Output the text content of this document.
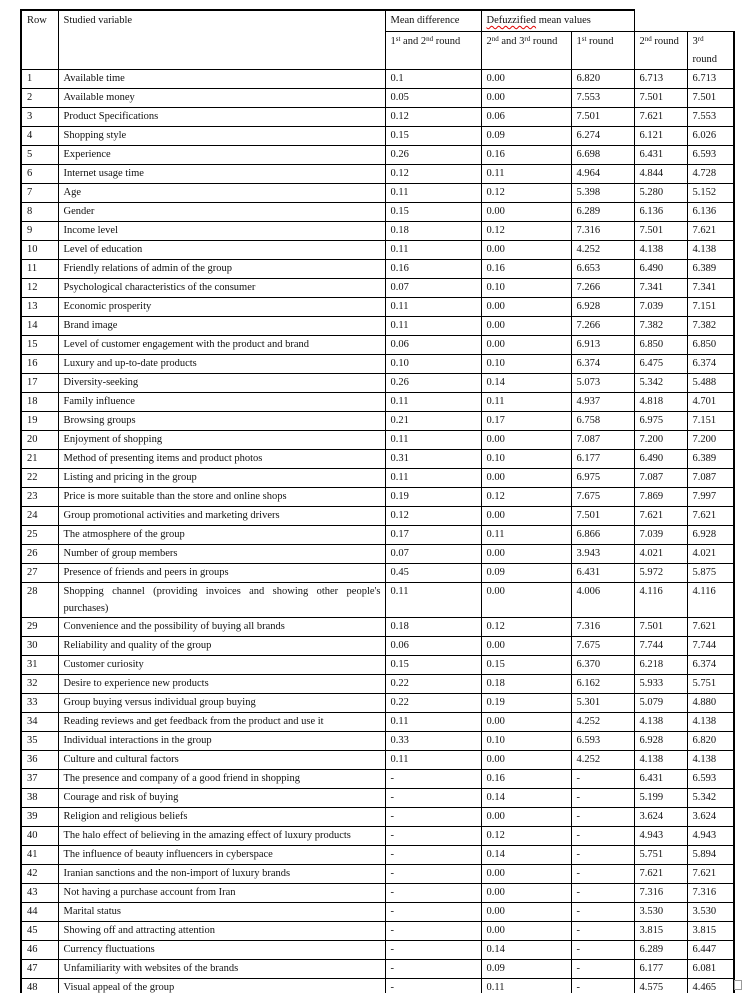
Row	Studied variable	Mean difference	Defuzzified mean values			
		1st and 2nd round	2nd and 3rd round	1st round	2nd round	3rd round
1	Available time	0.1	0.00	6.820	6.713	6.713
2	Available money	0.05	0.00	7.553	7.501	7.501
3	Product Specifications	0.12	0.06	7.501	7.621	7.553
4	Shopping style	0.15	0.09	6.274	6.121	6.026
5	Experience	0.26	0.16	6.698	6.431	6.593
6	Internet usage time	0.12	0.11	4.964	4.844	4.728
7	Age	0.11	0.12	5.398	5.280	5.152
8	Gender	0.15	0.00	6.289	6.136	6.136
9	Income level	0.18	0.12	7.316	7.501	7.621
10	Level of education	0.11	0.00	4.252	4.138	4.138
11	Friendly relations of admin of the group	0.16	0.16	6.653	6.490	6.389
12	Psychological characteristics of the consumer	0.07	0.10	7.266	7.341	7.341
13	Economic prosperity	0.11	0.00	6.928	7.039	7.151
14	Brand image	0.11	0.00	7.266	7.382	7.382
15	Level of customer engagement with the product and brand	0.06	0.00	6.913	6.850	6.850
16	Luxury and up-to-date products	0.10	0.10	6.374	6.475	6.374
17	Diversity-seeking	0.26	0.14	5.073	5.342	5.488
18	Family influence	0.11	0.11	4.937	4.818	4.701
19	Browsing groups	0.21	0.17	6.758	6.975	7.151
20	Enjoyment of shopping	0.11	0.00	7.087	7.200	7.200
21	Method of presenting items and product photos	0.31	0.10	6.177	6.490	6.389
22	Listing and pricing in the group	0.11	0.00	6.975	7.087	7.087
23	Price is more suitable than the store and online shops	0.19	0.12	7.675	7.869	7.997
24	Group promotional activities and marketing drivers	0.12	0.00	7.501	7.621	7.621
25	The atmosphere of the group	0.17	0.11	6.866	7.039	6.928
26	Number of group members	0.07	0.00	3.943	4.021	4.021
27	Presence of friends and peers in groups	0.45	0.09	6.431	5.972	5.875
28	Shopping channel (providing invoices and showing other people's purchases)	0.11	0.00	4.006	4.116	4.116
29	Convenience and the possibility of buying all brands	0.18	0.12	7.316	7.501	7.621
30	Reliability and quality of the group	0.06	0.00	7.675	7.744	7.744
31	Customer curiosity	0.15	0.15	6.370	6.218	6.374
32	Desire to experience new products	0.22	0.18	6.162	5.933	5.751
33	Group buying versus individual group buying	0.22	0.19	5.301	5.079	4.880
34	Reading reviews and get feedback from the product and use it	0.11	0.00	4.252	4.138	4.138
35	Individual interactions in the group	0.33	0.10	6.593	6.928	6.820
36	Culture and cultural factors	0.11	0.00	4.252	4.138	4.138
37	The presence and company of a good friend in shopping	-	0.16	-	6.431	6.593
38	Courage and risk of buying	-	0.14	-	5.199	5.342
39	Religion and religious beliefs	-	0.00	-	3.624	3.624
40	The halo effect of believing in the amazing effect of luxury products	-	0.12	-	4.943	4.943
41	The influence of beauty influencers in cyberspace	-	0.14	-	5.751	5.894
42	Iranian sanctions and the non-import of luxury brands	-	0.00	-	7.621	7.621
43	Not having a purchase account from Iran	-	0.00	-	7.316	7.316
44	Marital status	-	0.00	-	3.530	3.530
45	Showing off and attracting attention	-	0.00	-	3.815	3.815
46	Currency fluctuations	-	0.14	-	6.289	6.447
47	Unfamiliarity with websites of the brands	-	0.09	-	6.177	6.081
48	Visual appeal of the group	-	0.11	-	4.575	4.465
